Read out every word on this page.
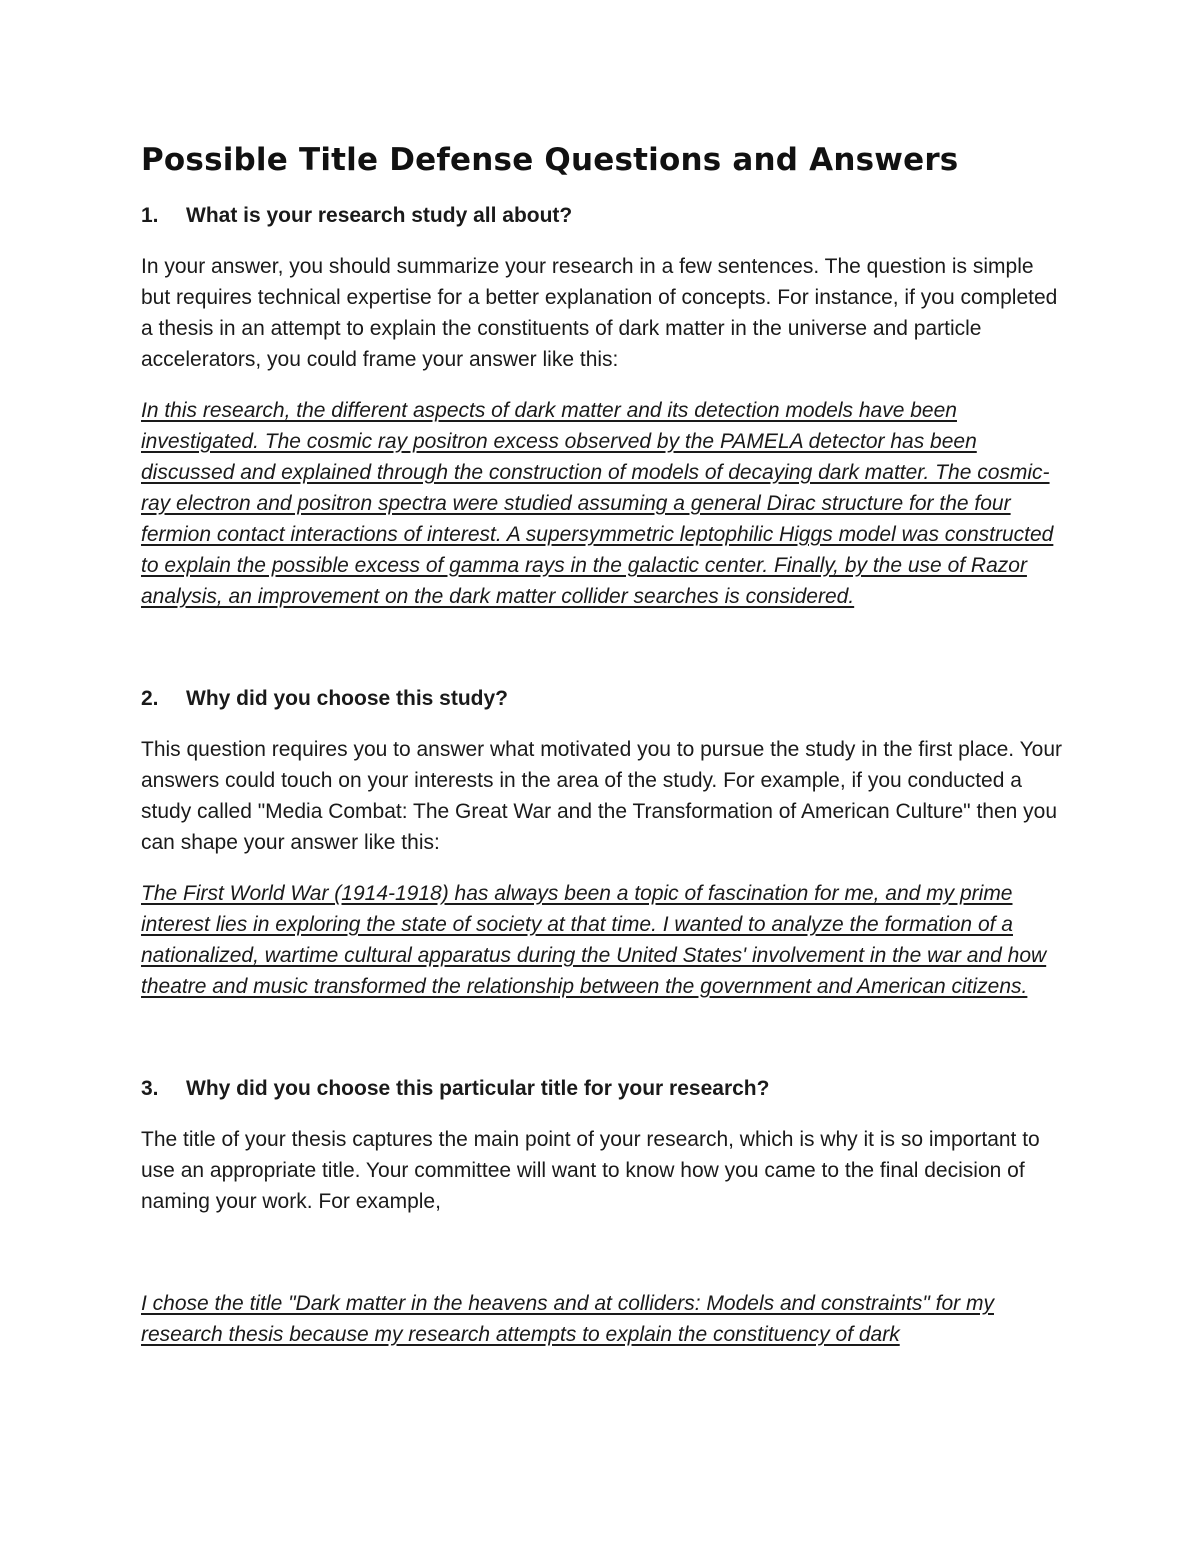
Possible Title Defense Questions and Answers
1.	What is your research study all about?

In your answer, you should summarize your research in a few sentences. The question is simple but requires technical expertise for a better explanation of concepts. For instance, if you completed a thesis in an attempt to explain the constituents of dark matter in the universe and particle accelerators, you could frame your answer like this:

In this research, the different aspects of dark matter and its detection models have been investigated. The cosmic ray positron excess observed by the PAMELA detector has been discussed and explained through the construction of models of decaying dark matter. The cosmic-ray electron and positron spectra were studied assuming a general Dirac structure for the four fermion contact interactions of interest. A supersymmetric leptophilic Higgs model was constructed to explain the possible excess of gamma rays in the galactic center. Finally, by the use of Razor analysis, an improvement on the dark matter collider searches is considered.

2.	Why did you choose this study?

This question requires you to answer what motivated you to pursue the study in the first place. Your answers could touch on your interests in the area of the study. For example, if you conducted a study called "Media Combat: The Great War and the Transformation of American Culture" then you can shape your answer like this:

The First World War (1914-1918) has always been a topic of fascination for me, and my prime interest lies in exploring the state of society at that time. I wanted to analyze the formation of a nationalized, wartime cultural apparatus during the United States' involvement in the war and how theatre and music transformed the relationship between the government and American citizens.

3.	Why did you choose this particular title for your research?

The title of your thesis captures the main point of your research, which is why it is so important to use an appropriate title. Your committee will want to know how you came to the final decision of naming your work. For example,

I chose the title "Dark matter in the heavens and at colliders: Models and constraints" for my research thesis because my research attempts to explain the constituency of dark
